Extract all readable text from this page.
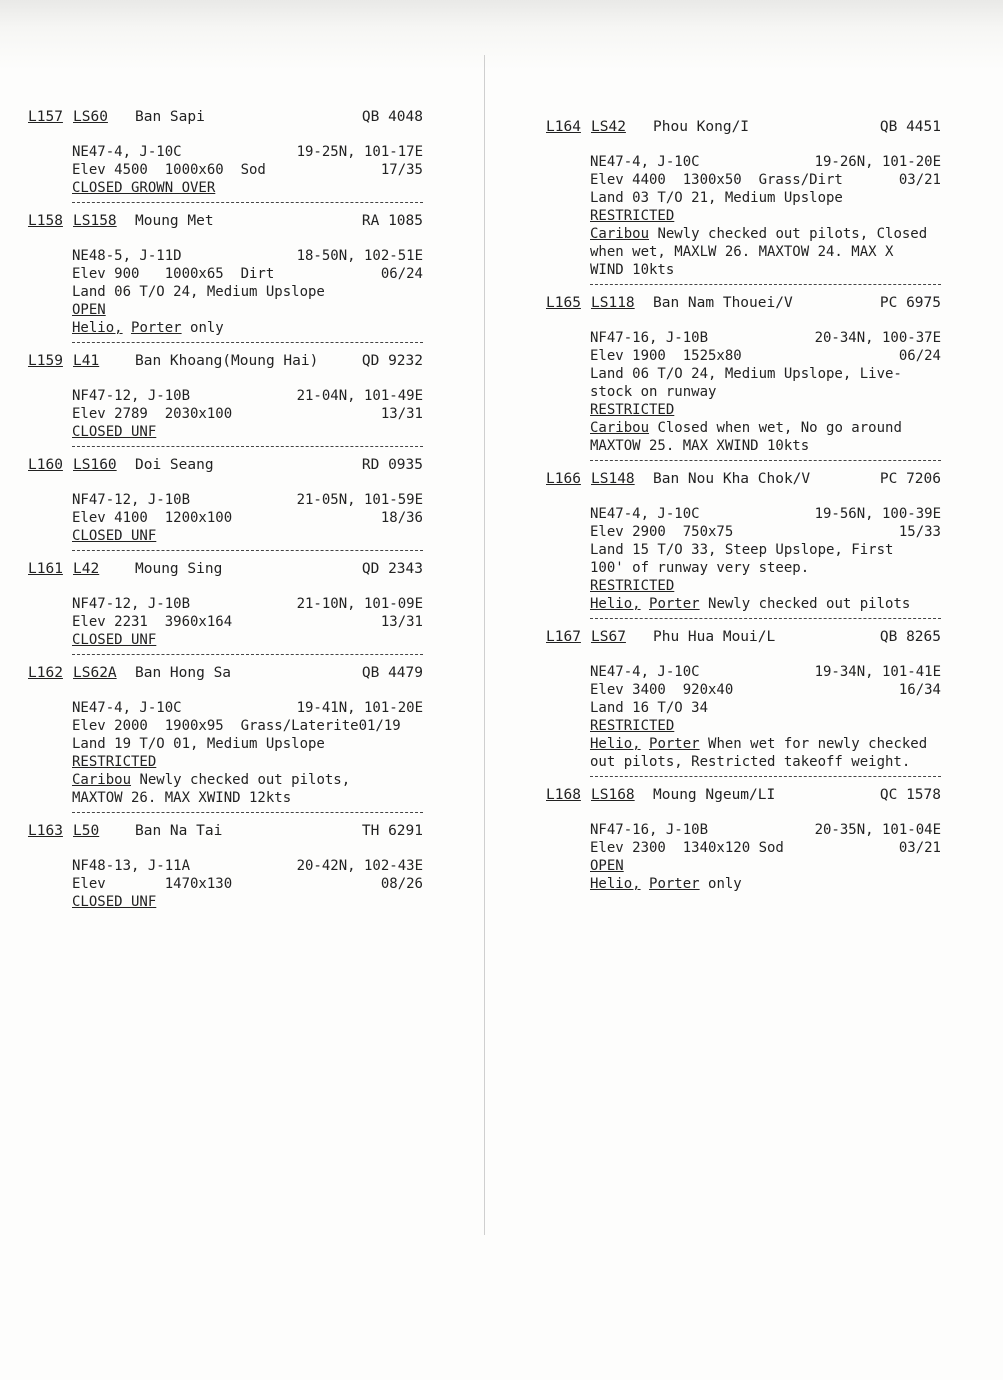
L157 LS60 Ban Sapi	QB 4048
NE47-4, J-10C	19-25N, 101-17E
Elev 4500  1000x60  Sod	17/35
CLOSED GROWN OVER
L158 LS158 Moung Met	RA 1085
NE48-5, J-11D	18-50N, 102-51E
Elev 900   1000x65  Dirt	06/24
Land 06 T/O 24, Medium Upslope
OPEN
Helio, Porter only
L159 L41 Ban Khoang(Moung Hai)	QD 9232
NF47-12, J-10B	21-04N, 101-49E
Elev 2789  2030x100	13/31
CLOSED UNF
L160 LS160 Doi Seang	RD 0935
NF47-12, J-10B	21-05N, 101-59E
Elev 4100  1200x100	18/36
CLOSED UNF
L161 L42 Moung Sing	QD 2343
NF47-12, J-10B	21-10N, 101-09E
Elev 2231  3960x164	13/31
CLOSED UNF
L162 LS62A Ban Hong Sa	QB 4479
NE47-4, J-10C	19-41N, 101-20E
Elev 2000  1900x95  Grass/Laterite01/19
Land 19 T/O 01, Medium Upslope
RESTRICTED
Caribou Newly checked out pilots,
MAXTOW 26. MAX XWIND 12kts
L163 L50 Ban Na Tai	TH 6291
NF48-13, J-11A	20-42N, 102-43E
Elev       1470x130	08/26
CLOSED UNF
L164 LS42 Phou Kong/I	QB 4451
NE47-4, J-10C	19-26N, 101-20E
Elev 4400  1300x50  Grass/Dirt	03/21
Land 03 T/O 21, Medium Upslope
RESTRICTED
Caribou Newly checked out pilots, Closed
when wet, MAXLW 26. MAXTOW 24. MAX X
WIND 10kts
L165 LS118 Ban Nam Thouei/V	PC 6975
NF47-16, J-10B	20-34N, 100-37E
Elev 1900  1525x80	06/24
Land 06 T/O 24, Medium Upslope, Live-
stock on runway
RESTRICTED
Caribou Closed when wet, No go around
MAXTOW 25. MAX XWIND 10kts
L166 LS148 Ban Nou Kha Chok/V	PC 7206
NE47-4, J-10C	19-56N, 100-39E
Elev 2900  750x75	15/33
Land 15 T/O 33, Steep Upslope, First
100' of runway very steep.
RESTRICTED
Helio, Porter Newly checked out pilots
L167 LS67 Phu Hua Moui/L	QB 8265
NE47-4, J-10C	19-34N, 101-41E
Elev 3400  920x40	16/34
Land 16 T/O 34
RESTRICTED
Helio, Porter When wet for newly checked
out pilots, Restricted takeoff weight.
L168 LS168 Moung Ngeum/LI	QC 1578
NF47-16, J-10B	20-35N, 101-04E
Elev 2300  1340x120 Sod	03/21
OPEN
Helio, Porter only
